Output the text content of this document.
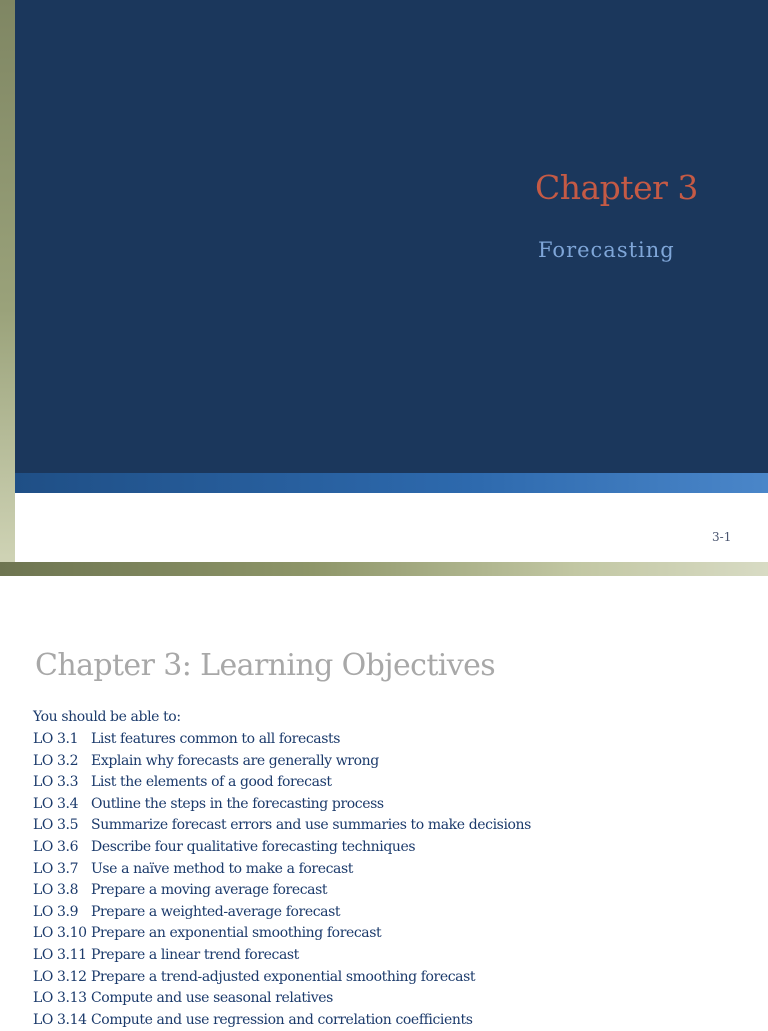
Chapter 3
Forecasting
3-1
Chapter 3: Learning Objectives
You should be able to:
LO 3.1 List features common to all forecasts
LO 3.2 Explain why forecasts are generally wrong
LO 3.3 List the elements of a good forecast
LO 3.4 Outline the steps in the forecasting process
LO 3.5 Summarize forecast errors and use summaries to make decisions
LO 3.6 Describe four qualitative forecasting techniques
LO 3.7 Use a naïve method to make a forecast
LO 3.8 Prepare a moving average forecast
LO 3.9 Prepare a weighted-average forecast
LO 3.10 Prepare an exponential smoothing forecast
LO 3.11 Prepare a linear trend forecast
LO 3.12 Prepare a trend-adjusted exponential smoothing forecast
LO 3.13 Compute and use seasonal relatives
LO 3.14 Compute and use regression and correlation coefficients
